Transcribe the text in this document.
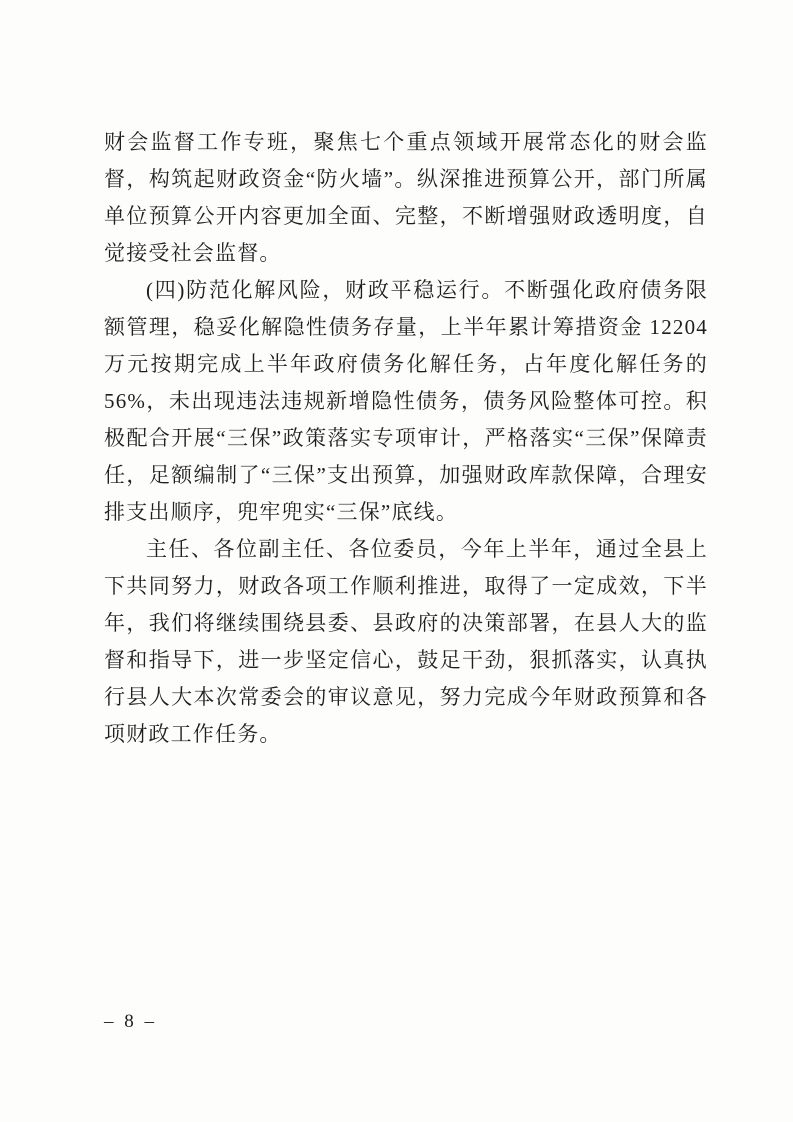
财会监督工作专班，聚焦七个重点领域开展常态化的财会监督，构筑起财政资金“防火墙”。纵深推进预算公开，部门所属单位预算公开内容更加全面、完整，不断增强财政透明度，自觉接受社会监督。

(四)防范化解风险，财政平稳运行。不断强化政府债务限额管理，稳妥化解隐性债务存量，上半年累计筹措资金 12204 万元按期完成上半年政府债务化解任务，占年度化解任务的 56%，未出现违法违规新增隐性债务，债务风险整体可控。积极配合开展“三保”政策落实专项审计，严格落实“三保”保障责任，足额编制了“三保”支出预算，加强财政库款保障，合理安排支出顺序，兜牢兜实“三保”底线。

主任、各位副主任、各位委员，今年上半年，通过全县上下共同努力，财政各项工作顺利推进，取得了一定成效，下半年，我们将继续围绕县委、县政府的决策部署，在县人大的监督和指导下，进一步坚定信心，鼓足干劲，狠抓落实，认真执行县人大本次常委会的审议意见，努力完成今年财政预算和各项财政工作任务。

– 8 –
